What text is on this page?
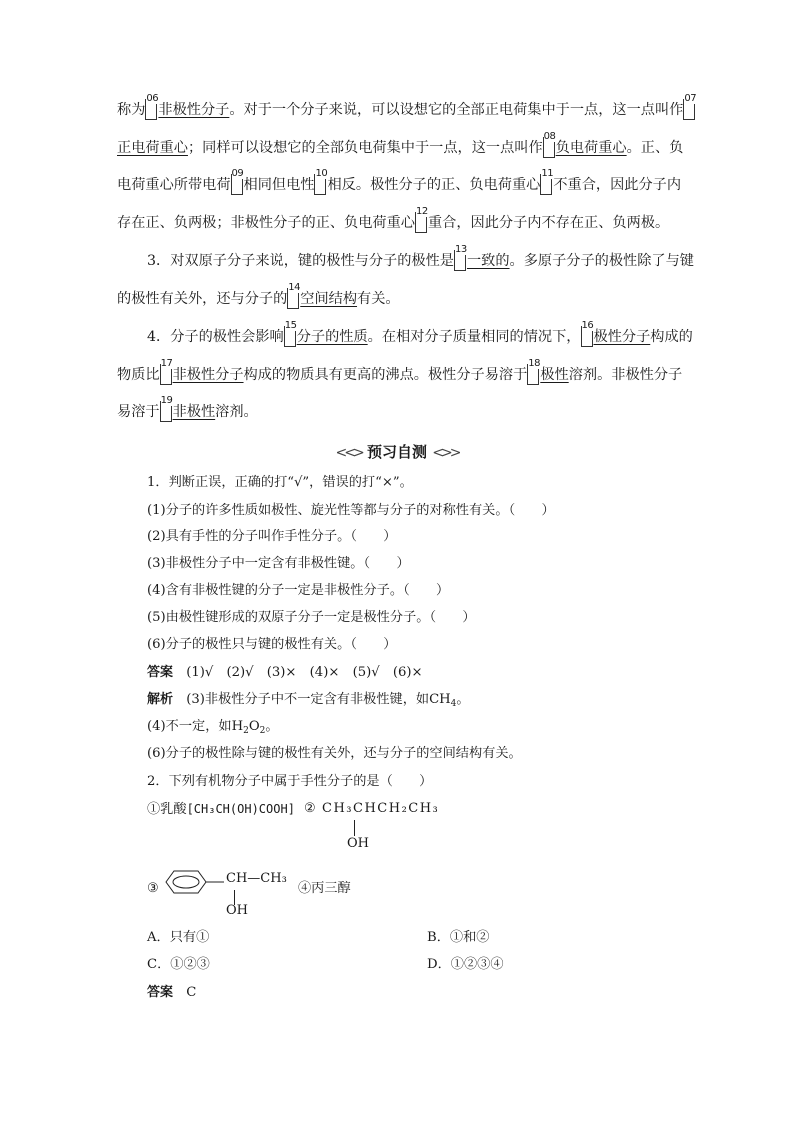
称为
06
非极性分子。对于一个分子来说，可以设想它的全部正电荷集中于一点，这一点叫作
07
正电荷重心；同样可以设想它的全部负电荷集中于一点，这一点叫作
08
负电荷重心。正、负
电荷重心所带电荷
09
相同但电性
10
相反。极性分子的正、负电荷重心
11
不重合，因此分子内
存在正、负两极；非极性分子的正、负电荷重心
12
重合，因此分子内不存在正、负两极。
3．对双原子分子来说，键的极性与分子的极性是
13
一致的。多原子分子的极性除了与键
的极性有关外，还与分子的
14
空间结构有关。
4．分子的极性会影响
15
分子的性质。在相对分子质量相同的情况下，
16
极性分子构成的
物质比
17
非极性分子构成的物质具有更高的沸点。极性分子易溶于
18
极性溶剂。非极性分子
易溶于
19
非极性溶剂。
<<> 预习自测 <>>
1．判断正误，正确的打“√”，错误的打“×”。
(1)分子的许多性质如极性、旋光性等都与分子的对称性有关。（　　）
(2)具有手性的分子叫作手性分子。（　　）
(3)非极性分子中一定含有非极性键。（　　）
(4)含有非极性键的分子一定是非极性分子。（　　）
(5)由极性键形成的双原子分子一定是极性分子。（　　）
(6)分子的极性只与键的极性有关。（　　）
答案　 (1)√　(2)√　(3)×　(4)×　(5)√　(6)×
解析　 (3)非极性分子中不一定含有非极性键，如$CH_4$。
(4)不一定，如$H_2O_2$。
(6)分子的极性除与键的极性有关外，还与分子的空间结构有关。
2．下列有机物分子中属于手性分子的是（　　）
①乳酸[CH₃CH(OH)COOH] ② CH₃CHCH₂CH₃
OH
③
CH—CH₃
OH
④丙三醇
A．只有①	B．①和②
C．①②③	D．①②③④
答案　 C
